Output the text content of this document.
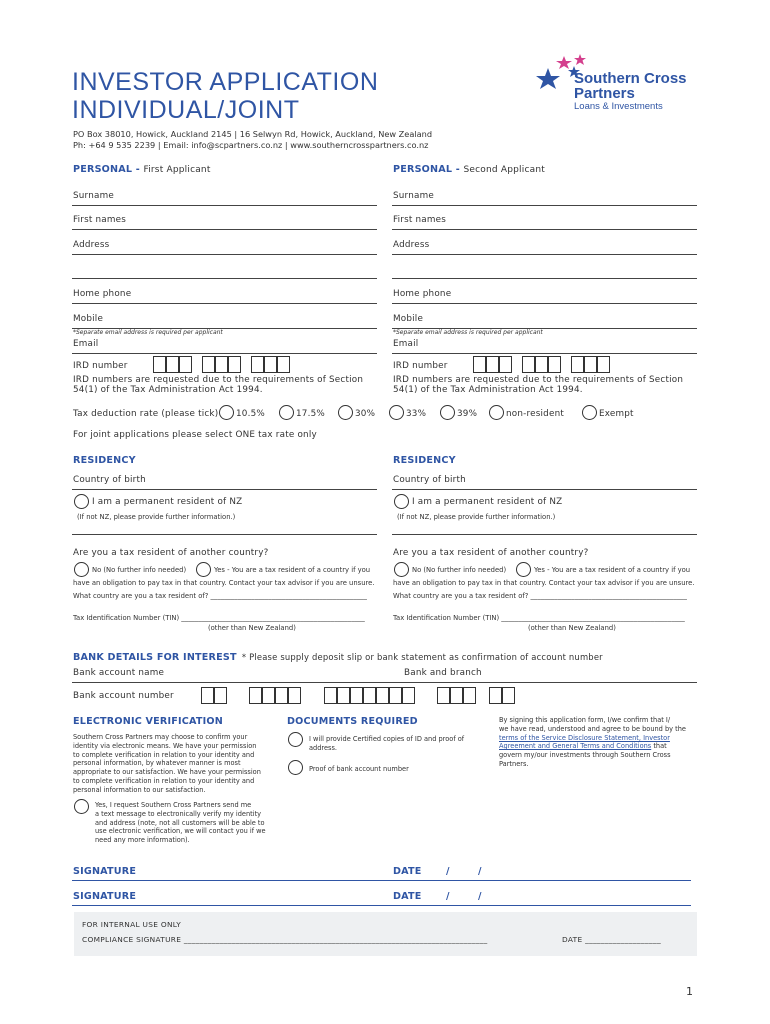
INVESTOR APPLICATION
INDIVIDUAL/JOINT
PO Box 38010, Howick, Auckland 2145 | 16 Selwyn Rd, Howick, Auckland, New Zealand
Ph: +64 9 535 2239 | Email: info@scpartners.co.nz | www.southerncrosspartners.co.nz
Southern Cross
Partners
Loans & Investments
PERSONAL - First Applicant	PERSONAL - Second Applicant
Surname
First names
Address
Home phone
Mobile
*Separate email address is required per applicant
Email
IRD number
IRD numbers are requested due to the requirements of Section
54(1) of the Tax Administration Act 1994.
Surname
First names
Address
Home phone
Mobile
*Separate email address is required per applicant
Email
IRD number
IRD numbers are requested due to the requirements of Section
54(1) of the Tax Administration Act 1994.
Tax deduction rate (please tick) 10.5%	17.5%	30%	33%	39%	non-resident	Exempt
For joint applications please select ONE tax rate only
RESIDENCY
Country of birth
I am a permanent resident of NZ
(If not NZ, please provide further information.)
Are you a tax resident of another country?
No (No further info needed)	Yes - You are a tax resident of a country if you
have an obligation to pay tax in that country. Contact your tax advisor if you are unsure.
What country are you a tax resident of? ______________________________________________
Tax Identification Number (TIN) ______________________________________________________
(other than New Zealand)
RESIDENCY
Country of birth
I am a permanent resident of NZ
(If not NZ, please provide further information.)
Are you a tax resident of another country?
No (No further info needed)	Yes - You are a tax resident of a country if you
have an obligation to pay tax in that country. Contact your tax advisor if you are unsure.
What country are you a tax resident of? ______________________________________________
Tax Identification Number (TIN) ______________________________________________________
(other than New Zealand)
BANK DETAILS FOR INTEREST * Please supply deposit slip or bank statement as confirmation of account number
Bank account name	Bank and branch
Bank account number
ELECTRONIC VERIFICATION
Southern Cross Partners may choose to confirm your
identity via electronic means. We have your permission
to complete verification in relation to your identity and
personal information, by whatever manner is most
appropriate to our satisfaction. We have your permission
to complete verification in relation to your identity and
personal information to our satisfaction.
Yes, I request Southern Cross Partners send me
a text message to electronically verify my identity
and address (note, not all customers will be able to
use electronic verification, we will contact you if we
need any more information).
DOCUMENTS REQUIRED
I will provide Certified copies of ID and proof of
address.
Proof of bank account number
By signing this application form, I/we confirm that I/
we have read, understood and agree to be bound by the
terms of the Service Disclosure Statement, Investor
Agreement and General Terms and Conditions that
govern my/our investments through Southern Cross
Partners.
SIGNATURE	DATE	/	/
SIGNATURE	DATE	/	/
FOR INTERNAL USE ONLY
COMPLIANCE SIGNATURE ____________________________________________________________________________	DATE ___________________
1
